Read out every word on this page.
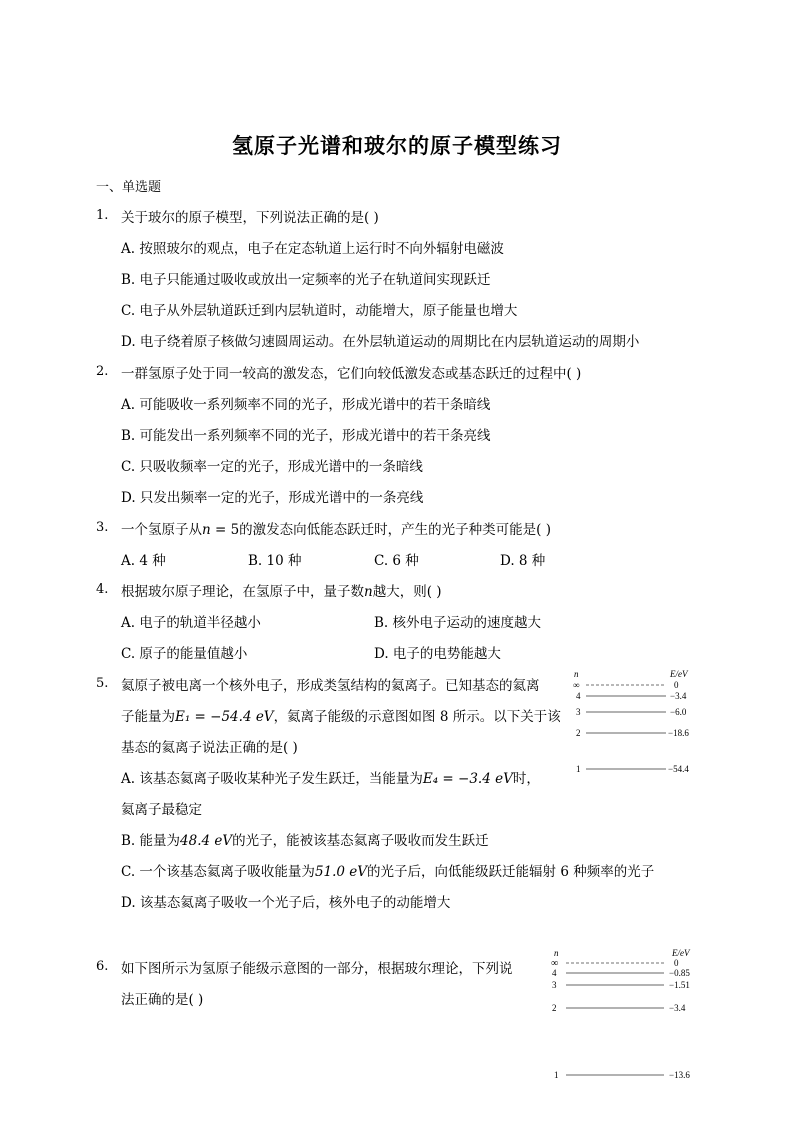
氢原子光谱和玻尔的原子模型练习
一、单选题
1. 关于玻尔的原子模型，下列说法正确的是( )
A. 按照玻尔的观点，电子在定态轨道上运行时不向外辐射电磁波
B. 电子只能通过吸收或放出一定频率的光子在轨道间实现跃迁
C. 电子从外层轨道跃迁到内层轨道时，动能增大，原子能量也增大
D. 电子绕着原子核做匀速圆周运动。在外层轨道运动的周期比在内层轨道运动的周期小
2. 一群氢原子处于同一较高的激发态，它们向较低激发态或基态跃迁的过程中( )
A. 可能吸收一系列频率不同的光子，形成光谱中的若干条暗线
B. 可能发出一系列频率不同的光子，形成光谱中的若干条亮线
C. 只吸收频率一定的光子，形成光谱中的一条暗线
D. 只发出频率一定的光子，形成光谱中的一条亮线
3. 一个氢原子从n = 5的激发态向低能态跃迁时，产生的光子种类可能是( )
A. 4 种	B. 10 种	C. 6 种	D. 8 种
4. 根据玻尔原子理论，在氢原子中，量子数n越大，则( )
A. 电子的轨道半径越小	B. 核外电子运动的速度越大
C. 原子的能量值越小	D. 电子的电势能越大
5. 氦原子被电离一个核外电子，形成类氢结构的氦离子。已知基态的氦离
子能量为E₁ = −54.4 eV，氦离子能级的示意图如图 8 所示。以下关于该
基态的氦离子说法正确的是( )
A. 该基态氦离子吸收某种光子发生跃迁，当能量为E₄ = −3.4 eV时，
氦离子最稳定
B. 能量为48.4 eV的光子，能被该基态氦离子吸收而发生跃迁
C. 一个该基态氦离子吸收能量为51.0 eV的光子后，向低能级跃迁能辐射 6 种频率的光子
D. 该基态氦离子吸收一个光子后，核外电子的动能增大
n	E/eV
∞	0
4	−3.4
3	−6.0
2	−18.6
1	−54.4
6. 如下图所示为氢原子能级示意图的一部分，根据玻尔理论，下列说
法正确的是( )
n	E/eV
∞	0
4	−0.85
3	−1.51
2	−3.4
1	−13.6
